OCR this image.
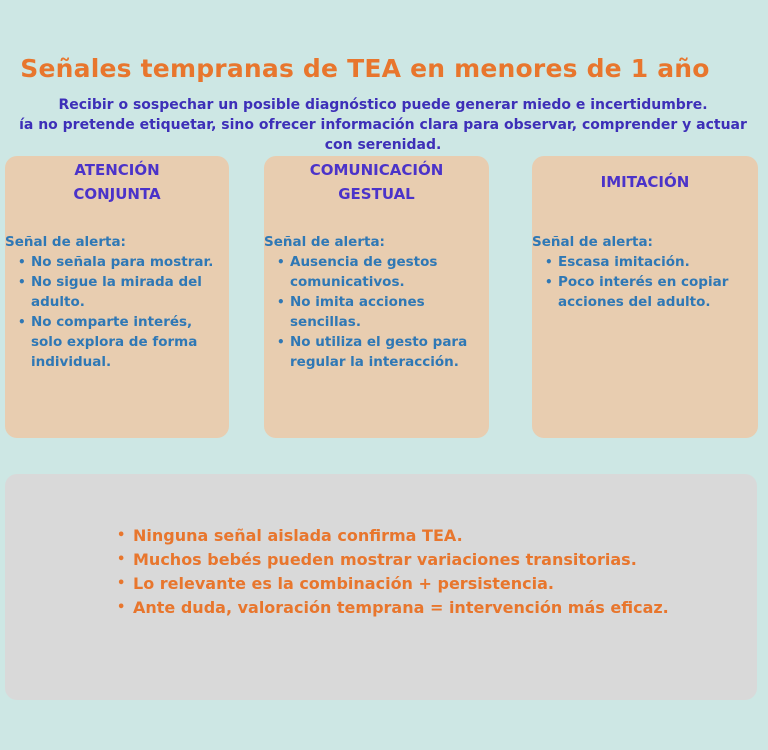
Señales tempranas de TEA en menores de 1 año
Recibir o sospechar un posible diagnóstico puede generar miedo e incertidumbre.
ía no pretende etiquetar, sino ofrecer información clara para observar, comprender y actuar
con serenidad.
ATENCIÓN
CONJUNTA
Señal de alerta:
• No señala para mostrar.
• No sigue la mirada del
adulto.
• No comparte interés,
solo explora de forma
individual.
COMUNICACIÓN
GESTUAL
Señal de alerta:
• Ausencia de gestos
comunicativos.
• No imita acciones
sencillas.
• No utiliza el gesto para
regular la interacción.
IMITACIÓN
Señal de alerta:
• Escasa imitación.
• Poco interés en copiar
acciones del adulto.
• Ninguna señal aislada confirma TEA.
• Muchos bebés pueden mostrar variaciones transitorias.
• Lo relevante es la combinación + persistencia.
• Ante duda, valoración temprana = intervención más eficaz.
